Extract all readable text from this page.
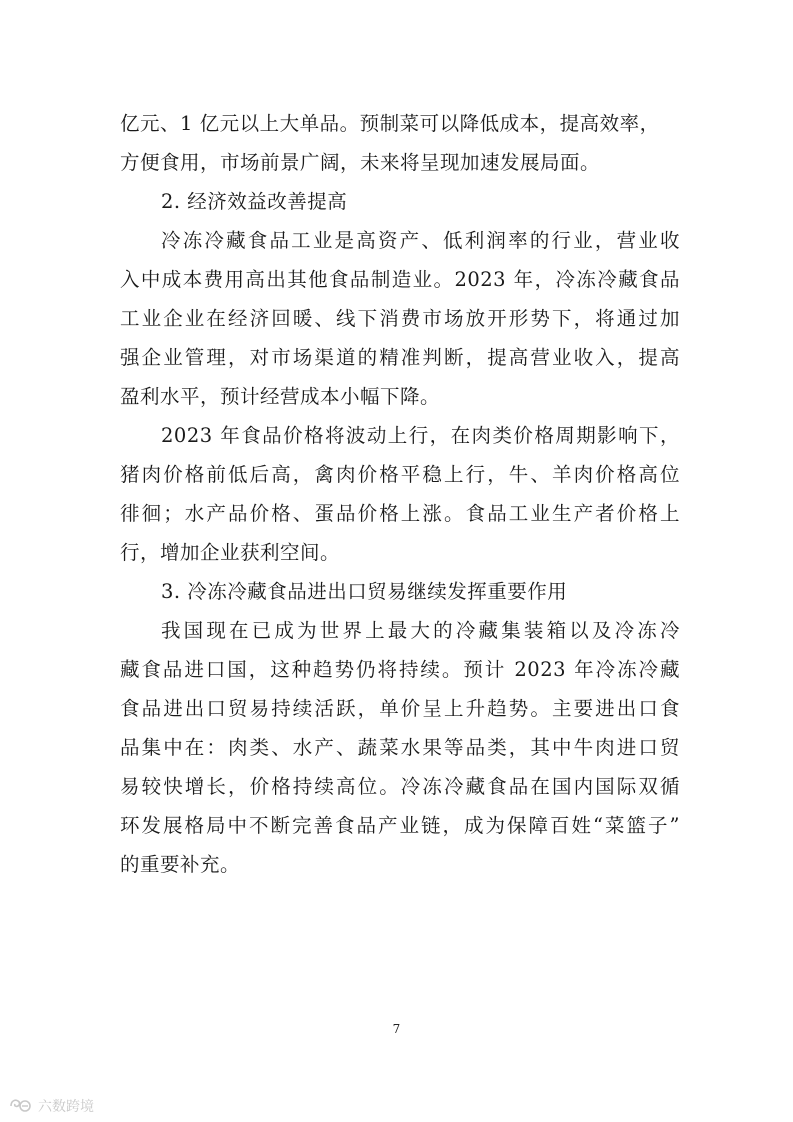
亿元、1 亿元以上大单品。预制菜可以降低成本，提高效率，
方便食用，市场前景广阔，未来将呈现加速发展局面。
2. 经济效益改善提高
冷冻冷藏食品工业是高资产、低利润率的行业，营业收
入中成本费用高出其他食品制造业。2023 年，冷冻冷藏食品
工业企业在经济回暖、线下消费市场放开形势下，将通过加
强企业管理，对市场渠道的精准判断，提高营业收入，提高
盈利水平，预计经营成本小幅下降。
2023 年食品价格将波动上行，在肉类价格周期影响下，
猪肉价格前低后高，禽肉价格平稳上行，牛、羊肉价格高位
徘徊；水产品价格、蛋品价格上涨。食品工业生产者价格上
行，增加企业获利空间。
3. 冷冻冷藏食品进出口贸易继续发挥重要作用
我国现在已成为世界上最大的冷藏集装箱以及冷冻冷
藏食品进口国，这种趋势仍将持续。预计 2023 年冷冻冷藏
食品进出口贸易持续活跃，单价呈上升趋势。主要进出口食
品集中在：肉类、水产、蔬菜水果等品类，其中牛肉进口贸
易较快增长，价格持续高位。冷冻冷藏食品在国内国际双循
环发展格局中不断完善食品产业链，成为保障百姓“菜篮子”
的重要补充。
7
六数跨境
